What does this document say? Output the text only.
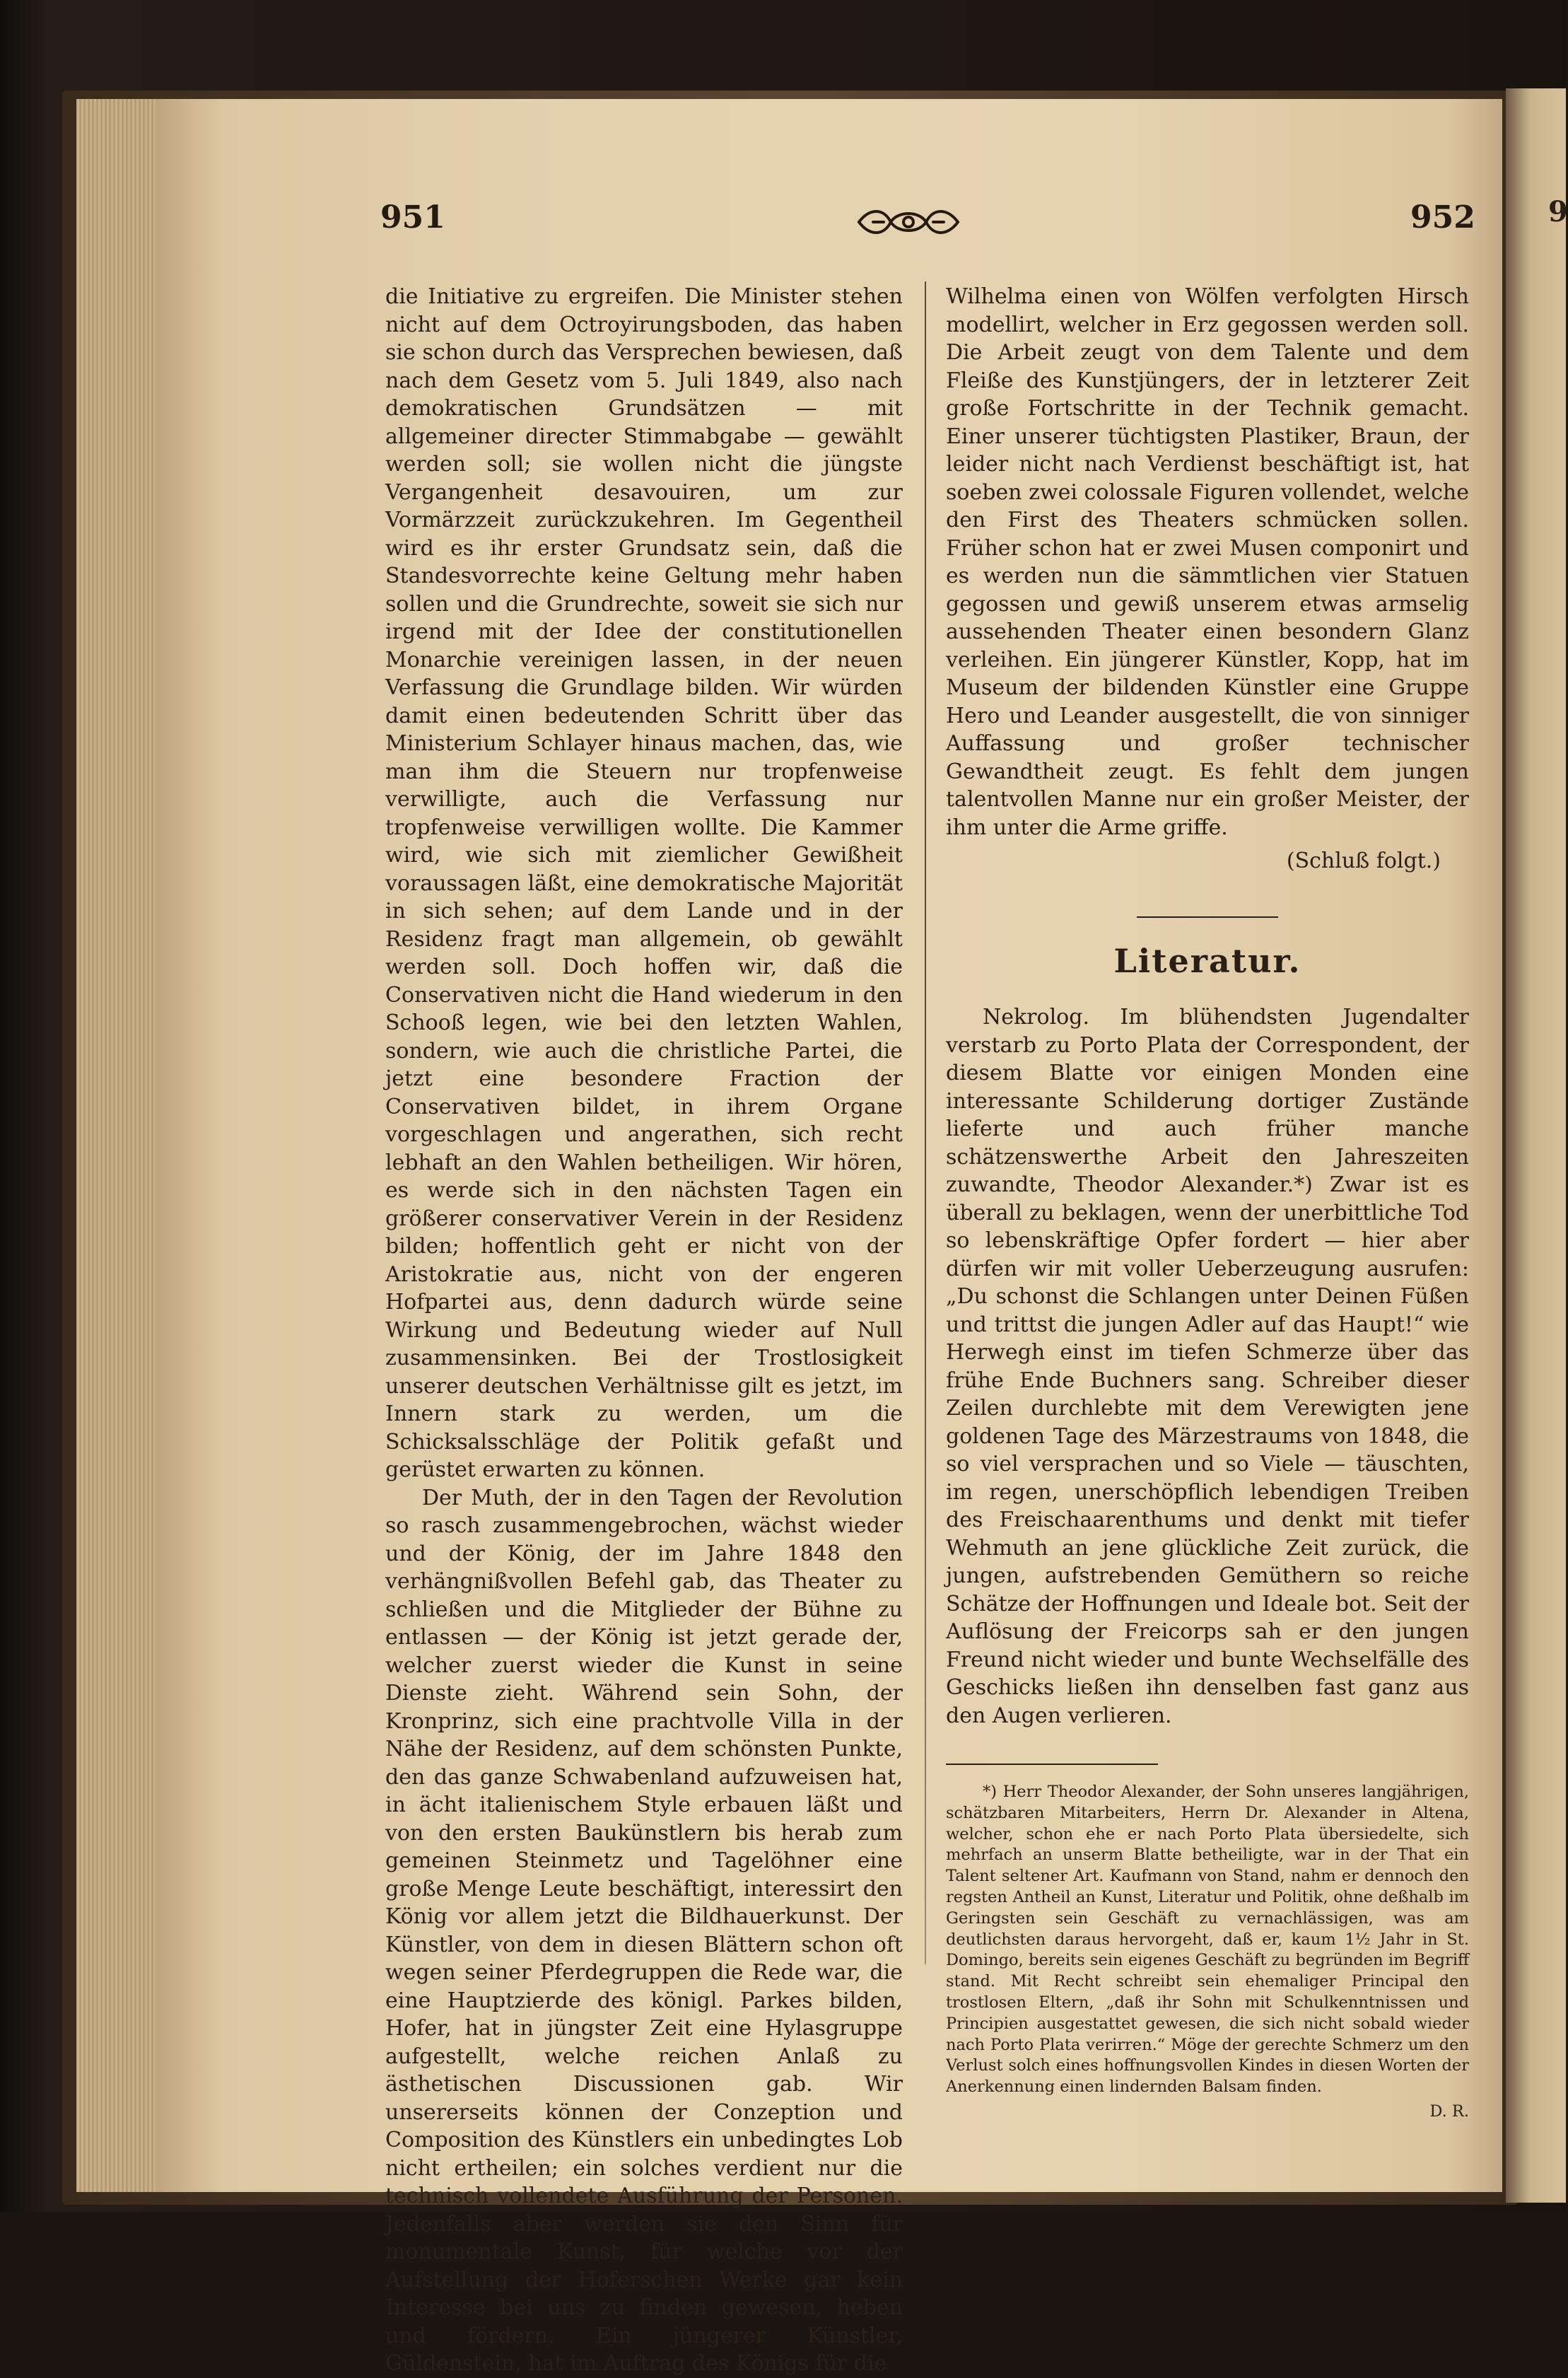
9
951	952

die Initiative zu ergreifen. Die Minister stehen nicht auf dem Octroyirungsboden, das haben sie schon durch das Versprechen bewiesen, daß nach dem Gesetz vom 5. Juli 1849, also nach demokratischen Grundsätzen — mit allgemeiner directer Stimmabgabe — gewählt werden soll; sie wollen nicht die jüngste Vergangenheit desavouiren, um zur Vormärzzeit zurückzukehren. Im Gegentheil wird es ihr erster Grundsatz sein, daß die Standesvorrechte keine Geltung mehr haben sollen und die Grundrechte, soweit sie sich nur irgend mit der Idee der constitutionellen Monarchie vereinigen lassen, in der neuen Verfassung die Grundlage bilden. Wir würden damit einen bedeutenden Schritt über das Ministerium Schlayer hinaus machen, das, wie man ihm die Steuern nur tropfenweise verwilligte, auch die Verfassung nur tropfenweise verwilligen wollte. Die Kammer wird, wie sich mit ziemlicher Gewißheit voraussagen läßt, eine demokratische Majorität in sich sehen; auf dem Lande und in der Residenz fragt man allgemein, ob gewählt werden soll. Doch hoffen wir, daß die Conservativen nicht die Hand wiederum in den Schooß legen, wie bei den letzten Wahlen, sondern, wie auch die christliche Partei, die jetzt eine besondere Fraction der Conservativen bildet, in ihrem Organe vorgeschlagen und angerathen, sich recht lebhaft an den Wahlen betheiligen. Wir hören, es werde sich in den nächsten Tagen ein größerer conservativer Verein in der Residenz bilden; hoffentlich geht er nicht von der Aristokratie aus, nicht von der engeren Hofpartei aus, denn dadurch würde seine Wirkung und Bedeutung wieder auf Null zusammensinken. Bei der Trostlosigkeit unserer deutschen Verhältnisse gilt es jetzt, im Innern stark zu werden, um die Schicksalsschläge der Politik gefaßt und gerüstet erwarten zu können.

Der Muth, der in den Tagen der Revolution so rasch zusammengebrochen, wächst wieder und der König, der im Jahre 1848 den verhängnißvollen Befehl gab, das Theater zu schließen und die Mitglieder der Bühne zu entlassen — der König ist jetzt gerade der, welcher zuerst wieder die Kunst in seine Dienste zieht. Während sein Sohn, der Kronprinz, sich eine prachtvolle Villa in der Nähe der Residenz, auf dem schönsten Punkte, den das ganze Schwabenland aufzuweisen hat, in ächt italienischem Style erbauen läßt und von den ersten Baukünstlern bis herab zum gemeinen Steinmetz und Tagelöhner eine große Menge Leute beschäftigt, interessirt den König vor allem jetzt die Bildhauerkunst. Der Künstler, von dem in diesen Blättern schon oft wegen seiner Pferdegruppen die Rede war, die eine Hauptzierde des königl. Parkes bilden, Hofer, hat in jüngster Zeit eine Hylasgruppe aufgestellt, welche reichen Anlaß zu ästhetischen Discussionen gab. Wir unsererseits können der Conzeption und Composition des Künstlers ein unbedingtes Lob nicht ertheilen; ein solches verdient nur die technisch vollendete Ausführung der Personen. Jedenfalls aber werden sie den Sinn für monumentale Kunst, für welche vor der Aufstellung der Hoferschen Werke gar kein Interesse bei uns zu finden gewesen, heben und fördern. Ein jüngerer Künstler, Güldenstein, hat im Auftrag des Königs für die

Wilhelma einen von Wölfen verfolgten Hirsch modellirt, welcher in Erz gegossen werden soll. Die Arbeit zeugt von dem Talente und dem Fleiße des Kunstjüngers, der in letzterer Zeit große Fortschritte in der Technik gemacht. Einer unserer tüchtigsten Plastiker, Braun, der leider nicht nach Verdienst beschäftigt ist, hat soeben zwei colossale Figuren vollendet, welche den First des Theaters schmücken sollen. Früher schon hat er zwei Musen componirt und es werden nun die sämmtlichen vier Statuen gegossen und gewiß unserem etwas armselig aussehenden Theater einen besondern Glanz verleihen. Ein jüngerer Künstler, Kopp, hat im Museum der bildenden Künstler eine Gruppe Hero und Leander ausgestellt, die von sinniger Auffassung und großer technischer Gewandtheit zeugt. Es fehlt dem jungen talentvollen Manne nur ein großer Meister, der ihm unter die Arme griffe.

(Schluß folgt.)
Literatur.

Nekrolog. Im blühendsten Jugendalter verstarb zu Porto Plata der Correspondent, der diesem Blatte vor einigen Monden eine interessante Schilderung dortiger Zustände lieferte und auch früher manche schätzenswerthe Arbeit den Jahreszeiten zuwandte, Theodor Alexander.*) Zwar ist es überall zu beklagen, wenn der unerbittliche Tod so lebenskräftige Opfer fordert — hier aber dürfen wir mit voller Ueberzeugung ausrufen: „Du schonst die Schlangen unter Deinen Füßen und trittst die jungen Adler auf das Haupt!“ wie Herwegh einst im tiefen Schmerze über das frühe Ende Buchners sang. Schreiber dieser Zeilen durchlebte mit dem Verewigten jene goldenen Tage des Märzestraums von 1848, die so viel versprachen und so Viele — täuschten, im regen, unerschöpflich lebendigen Treiben des Freischaarenthums und denkt mit tiefer Wehmuth an jene glückliche Zeit zurück, die jungen, aufstrebenden Gemüthern so reiche Schätze der Hoffnungen und Ideale bot. Seit der Auflösung der Freicorps sah er den jungen Freund nicht wieder und bunte Wechselfälle des Geschicks ließen ihn denselben fast ganz aus den Augen verlieren.

*) Herr Theodor Alexander, der Sohn unseres langjährigen, schätzbaren Mitarbeiters, Herrn Dr. Alexander in Altena, welcher, schon ehe er nach Porto Plata übersiedelte, sich mehrfach an unserm Blatte betheiligte, war in der That ein Talent seltener Art. Kaufmann von Stand, nahm er dennoch den regsten Antheil an Kunst, Literatur und Politik, ohne deßhalb im Geringsten sein Geschäft zu vernachlässigen, was am deutlichsten daraus hervorgeht, daß er, kaum 1½ Jahr in St. Domingo, bereits sein eigenes Geschäft zu begründen im Begriff stand. Mit Recht schreibt sein ehemaliger Principal den trostlosen Eltern, „daß ihr Sohn mit Schulkenntnissen und Principien ausgestattet gewesen, die sich nicht sobald wieder nach Porto Plata verirren.“ Möge der gerechte Schmerz um den Verlust solch eines hoffnungsvollen Kindes in diesen Worten der Anerkennung einen lindernden Balsam finden.

D. R.
